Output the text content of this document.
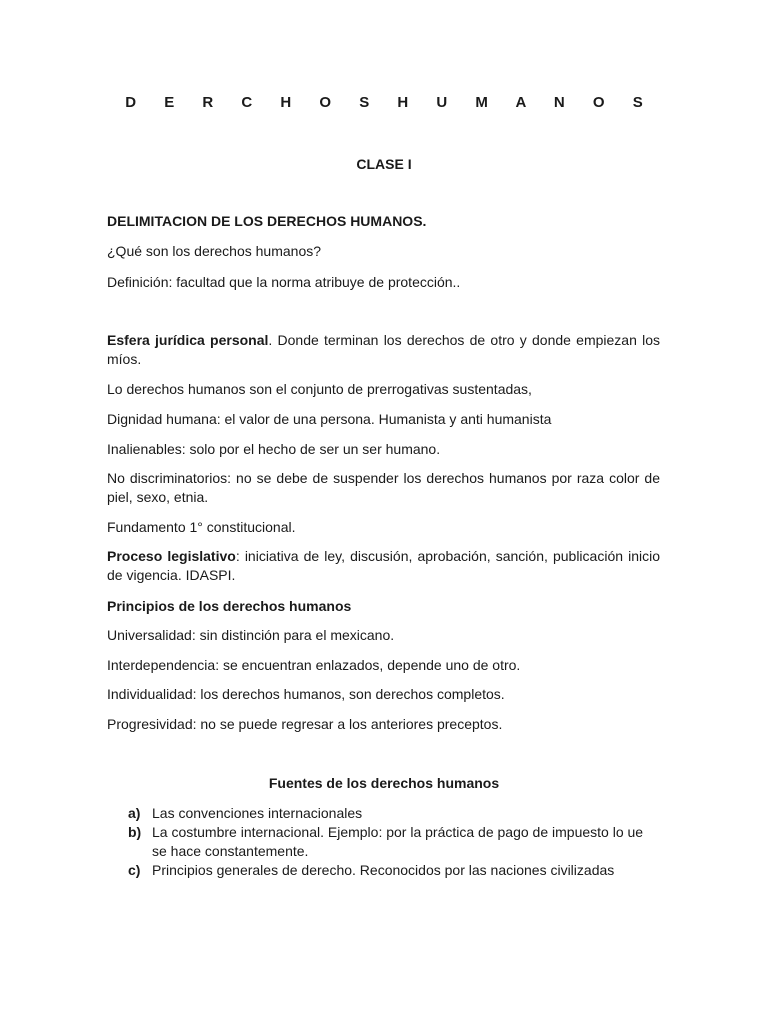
D E R C H O S H U M A N O S
CLASE I

DELIMITACION DE LOS DERECHOS HUMANOS.

¿Qué son los derechos humanos?

Definición: facultad que la norma atribuye de protección..

Esfera jurídica personal. Donde terminan los derechos de otro y donde empiezan los míos.

Lo derechos humanos son el conjunto de prerrogativas sustentadas,

Dignidad humana: el valor de una persona. Humanista y anti humanista

Inalienables: solo por el hecho de ser un ser humano.

No discriminatorios: no se debe de suspender los derechos humanos por raza color de piel, sexo, etnia.

Fundamento 1° constitucional.

Proceso legislativo: iniciativa de ley, discusión, aprobación, sanción, publicación inicio de vigencia. IDASPI.

Principios de los derechos humanos

Universalidad: sin distinción para el mexicano.

Interdependencia: se encuentran enlazados, depende uno de otro.

Individualidad: los derechos humanos, son derechos completos.

Progresividad: no se puede regresar a los anteriores preceptos.

Fuentes de los derechos humanos
a) Las convenciones internacionales
b) La costumbre internacional. Ejemplo: por la práctica de pago de impuesto lo ue se hace constantemente.
c) Principios generales de derecho. Reconocidos por las naciones civilizadas
